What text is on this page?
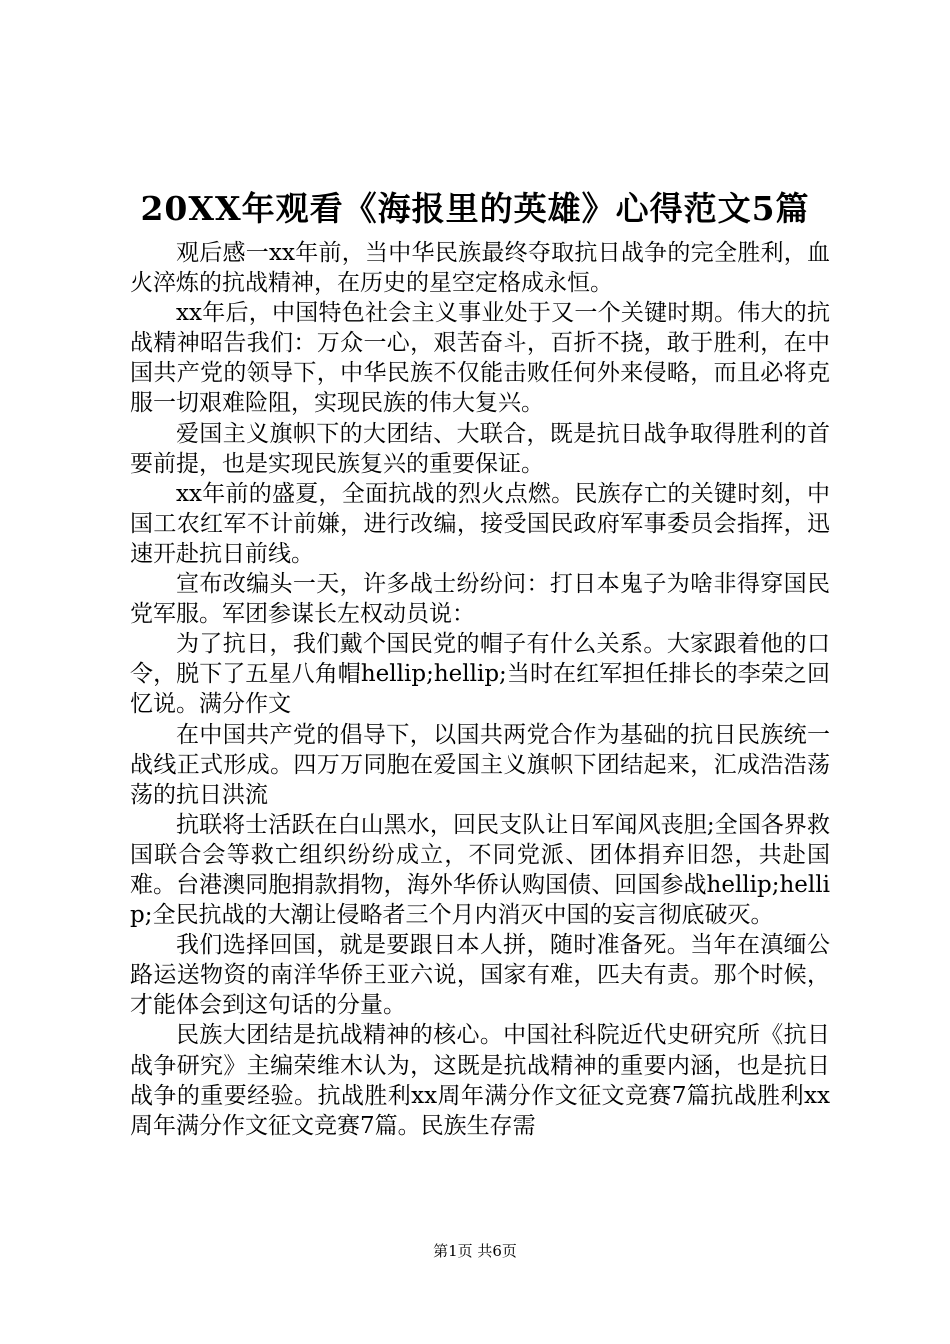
20XX年观看《海报里的英雄》心得范文5篇

观后感一xx年前，当中华民族最终夺取抗日战争的完全胜利，血火淬炼的抗战精神，在历史的星空定格成永恒。

xx年后，中国特色社会主义事业处于又一个关键时期。伟大的抗战精神昭告我们：万众一心，艰苦奋斗，百折不挠，敢于胜利，在中国共产党的领导下，中华民族不仅能击败任何外来侵略，而且必将克服一切艰难险阻，实现民族的伟大复兴。

爱国主义旗帜下的大团结、大联合，既是抗日战争取得胜利的首要前提，也是实现民族复兴的重要保证。

xx年前的盛夏，全面抗战的烈火点燃。民族存亡的关键时刻，中国工农红军不计前嫌，进行改编，接受国民政府军事委员会指挥，迅速开赴抗日前线。

宣布改编头一天，许多战士纷纷问：打日本鬼子为啥非得穿国民党军服。军团参谋长左权动员说：

为了抗日，我们戴个国民党的帽子有什么关系。大家跟着他的口令，脱下了五星八角帽hellip;hellip;当时在红军担任排长的李荣之回忆说。满分作文

在中国共产党的倡导下，以国共两党合作为基础的抗日民族统一战线正式形成。四万万同胞在爱国主义旗帜下团结起来，汇成浩浩荡荡的抗日洪流

抗联将士活跃在白山黑水，回民支队让日军闻风丧胆;全国各界救国联合会等救亡组织纷纷成立，不同党派、团体捐弃旧怨，共赴国难。台港澳同胞捐款捐物，海外华侨认购国债、回国参战hellip;hellip;全民抗战的大潮让侵略者三个月内消灭中国的妄言彻底破灭。

我们选择回国，就是要跟日本人拼，随时准备死。当年在滇缅公路运送物资的南洋华侨王亚六说，国家有难，匹夫有责。那个时候，才能体会到这句话的分量。

民族大团结是抗战精神的核心。中国社科院近代史研究所《抗日战争研究》主编荣维木认为，这既是抗战精神的重要内涵，也是抗日战争的重要经验。抗战胜利xx周年满分作文征文竞赛7篇抗战胜利xx周年满分作文征文竞赛7篇。民族生存需

第1页 共6页
